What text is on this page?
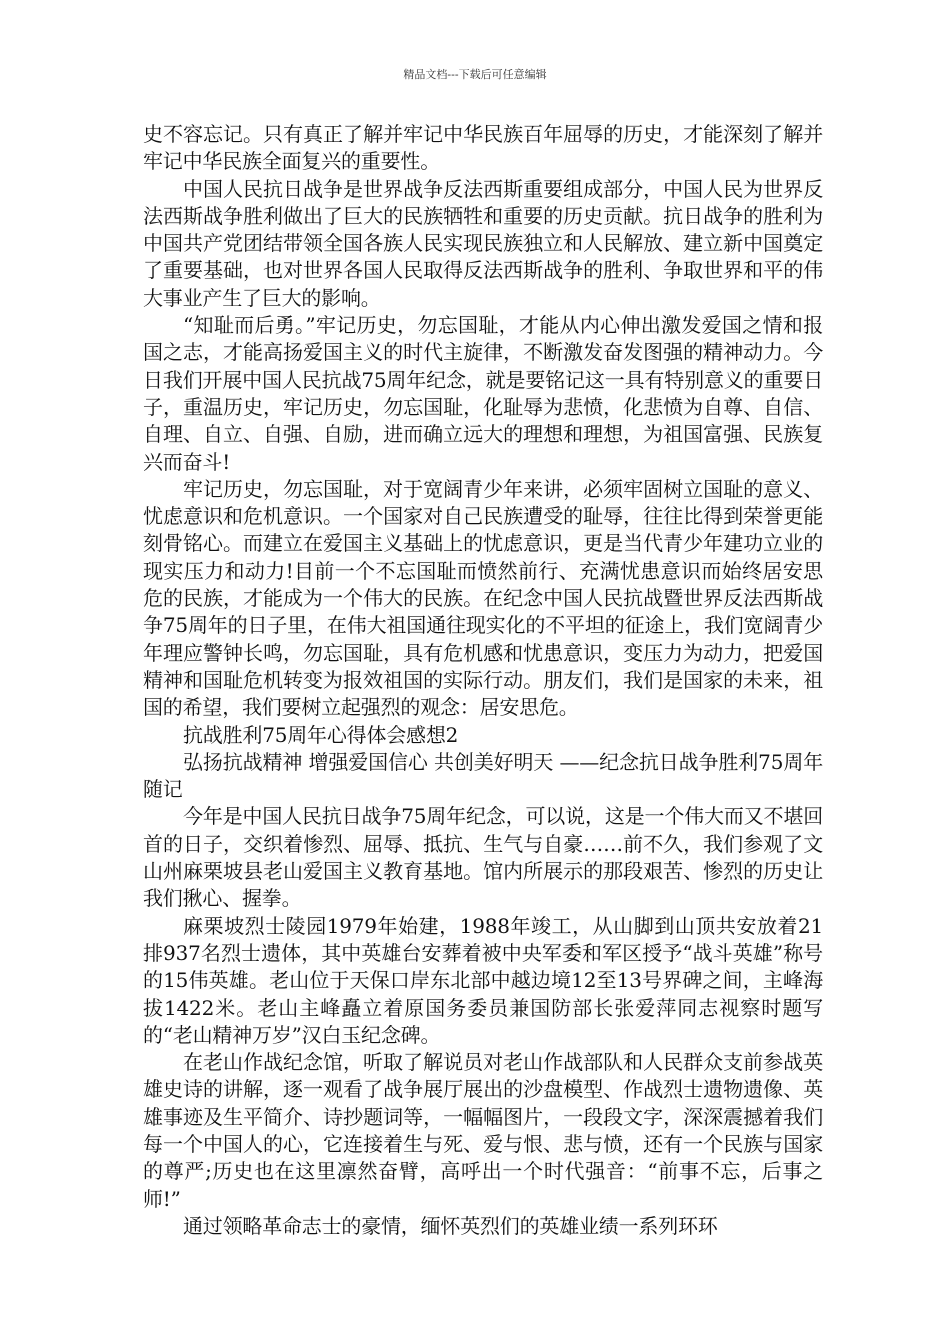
精品文档---下载后可任意编辑

史不容忘记。只有真正了解并牢记中华民族百年屈辱的历史，才能深刻了解并牢记中华民族全面复兴的重要性。

中国人民抗日战争是世界战争反法西斯重要组成部分，中国人民为世界反法西斯战争胜利做出了巨大的民族牺牲和重要的历史贡献。抗日战争的胜利为中国共产党团结带领全国各族人民实现民族独立和人民解放、建立新中国奠定了重要基础，也对世界各国人民取得反法西斯战争的胜利、争取世界和平的伟大事业产生了巨大的影响。

“知耻而后勇。”牢记历史，勿忘国耻，才能从内心伸出激发爱国之情和报国之志，才能高扬爱国主义的时代主旋律，不断激发奋发图强的精神动力。今日我们开展中国人民抗战75周年纪念，就是要铭记这一具有特别意义的重要日子，重温历史，牢记历史，勿忘国耻，化耻辱为悲愤，化悲愤为自尊、自信、自理、自立、自强、自励，进而确立远大的理想和理想，为祖国富强、民族复兴而奋斗!

牢记历史，勿忘国耻，对于宽阔青少年来讲，必须牢固树立国耻的意义、忧虑意识和危机意识。一个国家对自己民族遭受的耻辱，往往比得到荣誉更能刻骨铭心。而建立在爱国主义基础上的忧虑意识，更是当代青少年建功立业的现实压力和动力!目前一个不忘国耻而愤然前行、充满忧患意识而始终居安思危的民族，才能成为一个伟大的民族。在纪念中国人民抗战暨世界反法西斯战争75周年的日子里，在伟大祖国通往现实化的不平坦的征途上，我们宽阔青少年理应警钟长鸣，勿忘国耻，具有危机感和忧患意识，变压力为动力，把爱国精神和国耻危机转变为报效祖国的实际行动。朋友们，我们是国家的未来，祖国的希望，我们要树立起强烈的观念：居安思危。

抗战胜利75周年心得体会感想2

弘扬抗战精神 增强爱国信心 共创美好明天 ——纪念抗日战争胜利75周年随记

今年是中国人民抗日战争75周年纪念，可以说，这是一个伟大而又不堪回首的日子，交织着惨烈、屈辱、抵抗、生气与自豪……前不久，我们参观了文山州麻栗坡县老山爱国主义教育基地。馆内所展示的那段艰苦、惨烈的历史让我们揪心、握拳。

麻栗坡烈士陵园1979年始建，1988年竣工，从山脚到山顶共安放着21排937名烈士遗体，其中英雄台安葬着被中央军委和军区授予“战斗英雄”称号的15伟英雄。老山位于天保口岸东北部中越边境12至13号界碑之间，主峰海拔1422米。老山主峰矗立着原国务委员兼国防部长张爱萍同志视察时题写的“老山精神万岁”汉白玉纪念碑。

在老山作战纪念馆，听取了解说员对老山作战部队和人民群众支前参战英雄史诗的讲解，逐一观看了战争展厅展出的沙盘模型、作战烈士遗物遗像、英雄事迹及生平简介、诗抄题词等，一幅幅图片，一段段文字，深深震撼着我们每一个中国人的心，它连接着生与死、爱与恨、悲与愤，还有一个民族与国家的尊严;历史也在这里凛然奋臂，高呼出一个时代强音：“前事不忘，后事之师!”

通过领略革命志士的豪情，缅怀英烈们的英雄业绩一系列环环
